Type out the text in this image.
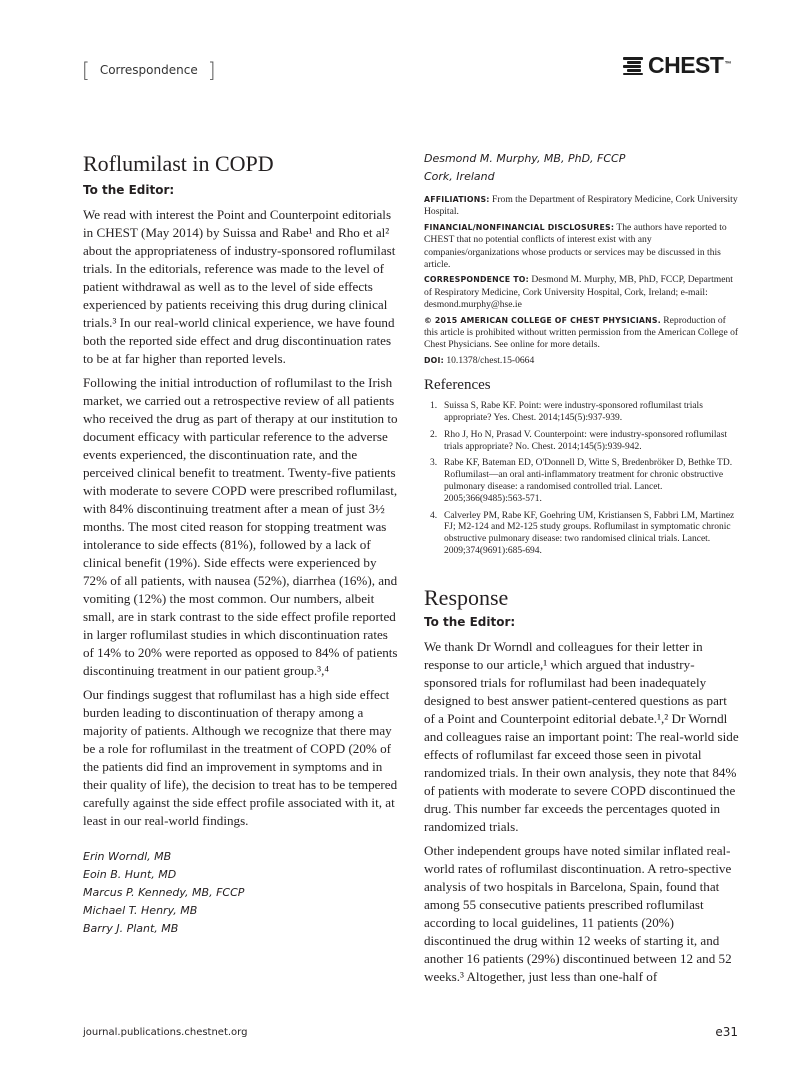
[ Correspondence ]	CHEST™
Roflumilast in COPD
To the Editor:

We read with interest the Point and Counterpoint editorials in CHEST (May 2014) by Suissa and Rabe¹ and Rho et al² about the appropriateness of industry-sponsored roflumilast trials. In the editorials, reference was made to the level of patient withdrawal as well as to the level of side effects experienced by patients receiving this drug during clinical trials.³ In our real-world clinical experience, we have found both the reported side effect and drug discontinuation rates to be at far higher than reported levels.

Following the initial introduction of roflumilast to the Irish market, we carried out a retrospective review of all patients who received the drug as part of therapy at our institution to document efficacy with particular reference to the adverse events experienced, the discontinuation rate, and the perceived clinical benefit to treatment. Twenty-five patients with moderate to severe COPD were prescribed roflumilast, with 84% discontinuing treatment after a mean of just 3½ months. The most cited reason for stopping treatment was intolerance to side effects (81%), followed by a lack of clinical benefit (19%). Side effects were experienced by 72% of all patients, with nausea (52%), diarrhea (16%), and vomiting (12%) the most common. Our numbers, albeit small, are in stark contrast to the side effect profile reported in larger roflumilast studies in which discontinuation rates of 14% to 20% were reported as opposed to 84% of patients discontinuing treatment in our patient group.³,⁴

Our findings suggest that roflumilast has a high side effect burden leading to discontinuation of therapy among a majority of patients. Although we recognize that there may be a role for roflumilast in the treatment of COPD (20% of the patients did find an improvement in symptoms and in their quality of life), the decision to treat has to be tempered carefully against the side effect profile associated with it, at least in our real-world findings.

Erin Worndl, MB
Eoin B. Hunt, MD
Marcus P. Kennedy, MB, FCCP
Michael T. Henry, MB
Barry J. Plant, MB
Desmond M. Murphy, MB, PhD, FCCP
Cork, Ireland

AFFILIATIONS: From the Department of Respiratory Medicine, Cork University Hospital.

FINANCIAL/NONFINANCIAL DISCLOSURES: The authors have reported to CHEST that no potential conflicts of interest exist with any companies/organizations whose products or services may be discussed in this article.

CORRESPONDENCE TO: Desmond M. Murphy, MB, PhD, FCCP, Department of Respiratory Medicine, Cork University Hospital, Cork, Ireland; e-mail: desmond.murphy@hse.ie

© 2015 AMERICAN COLLEGE OF CHEST PHYSICIANS. Reproduction of this article is prohibited without written permission from the American College of Chest Physicians. See online for more details.

DOI: 10.1378/chest.15-0664

References
1. Suissa S, Rabe KF. Point: were industry-sponsored roflumilast trials appropriate? Yes. Chest. 2014;145(5):937-939.
2. Rho J, Ho N, Prasad V. Counterpoint: were industry-sponsored roflumilast trials appropriate? No. Chest. 2014;145(5):939-942.
3. Rabe KF, Bateman ED, O'Donnell D, Witte S, Bredenbröker D, Bethke TD. Roflumilast—an oral anti-inflammatory treatment for chronic obstructive pulmonary disease: a randomised controlled trial. Lancet. 2005;366(9485):563-571.
4. Calverley PM, Rabe KF, Goehring UM, Kristiansen S, Fabbri LM, Martinez FJ; M2-124 and M2-125 study groups. Roflumilast in symptomatic chronic obstructive pulmonary disease: two randomised clinical trials. Lancet. 2009;374(9691):685-694.
Response
To the Editor:

We thank Dr Worndl and colleagues for their letter in response to our article,¹ which argued that industry-sponsored trials for roflumilast had been inadequately designed to best answer patient-centered questions as part of a Point and Counterpoint editorial debate.¹,² Dr Worndl and colleagues raise an important point: The real-world side effects of roflumilast far exceed those seen in pivotal randomized trials. In their own analysis, they note that 84% of patients with moderate to severe COPD discontinued the drug. This number far exceeds the percentages quoted in randomized trials.

Other independent groups have noted similar inflated real-world rates of roflumilast discontinuation. A retro-spective analysis of two hospitals in Barcelona, Spain, found that among 55 consecutive patients prescribed roflumilast according to local guidelines, 11 patients (20%) discontinued the drug within 12 weeks of starting it, and another 16 patients (29%) discontinued between 12 and 52 weeks.³ Altogether, just less than one-half of

journal.publications.chestnet.org	e31
